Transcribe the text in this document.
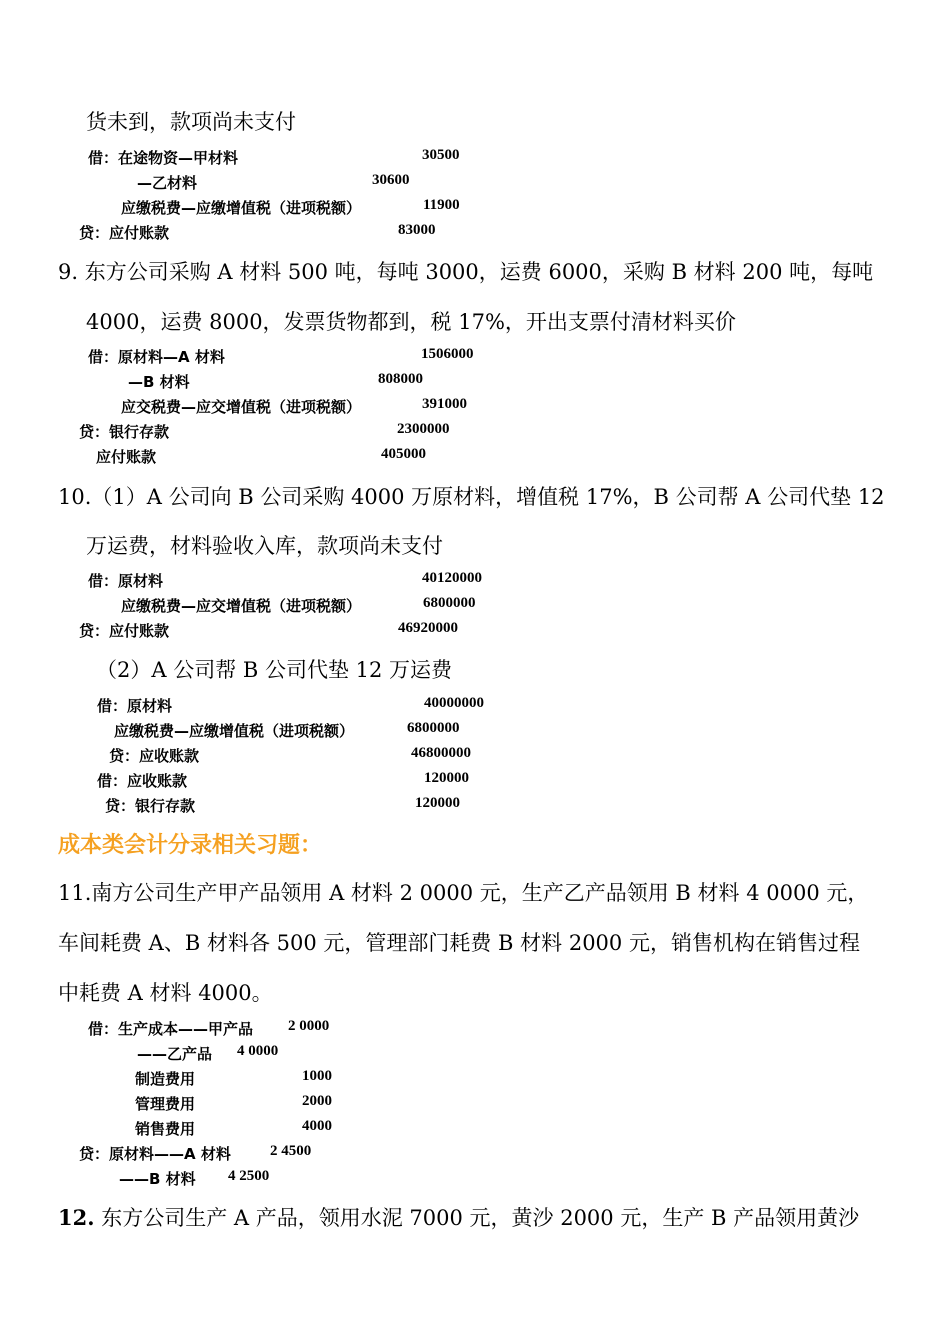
货未到，款项尚未支付
借：在途物资—甲材料	30500
—乙材料	30600
应缴税费—应缴增值税（进项税额）	11900
贷：应付账款	83000
9. 东方公司采购 A 材料 500 吨，每吨 3000，运费 6000，采购 B 材料 200 吨，每吨
4000，运费 8000，发票货物都到，税 17%，开出支票付清材料买价
借：原材料—A 材料	1506000
—B 材料	808000
应交税费—应交增值税（进项税额）	391000
贷：银行存款	2300000
应付账款	405000
10.（1）A 公司向 B 公司采购 4000 万原材料，增值税 17%，B 公司帮 A 公司代垫 12
万运费，材料验收入库，款项尚未支付
借：原材料	40120000
应缴税费—应交增值税（进项税额）	6800000
贷：应付账款	46920000
（2）A 公司帮 B 公司代垫 12 万运费
借：原材料	40000000
应缴税费—应缴增值税（进项税额）	6800000
贷：应收账款	46800000
借：应收账款	120000
贷：银行存款	120000
成本类会计分录相关习题：
11.南方公司生产甲产品领用 A 材料 2 0000 元，生产乙产品领用 B 材料 4 0000 元，
车间耗费 A、B 材料各 500 元，管理部门耗费 B 材料 2000 元，销售机构在销售过程
中耗费 A 材料 4000。
借：生产成本——甲产品 2 0000
——乙产品 4 0000
制造费用	1000
管理费用	2000
销售费用	4000
贷：原材料——A 材料	2 4500
——B 材料 4 2500
12. 东方公司生产 A 产品，领用水泥 7000 元，黄沙 2000 元，生产 B 产品领用黄沙
